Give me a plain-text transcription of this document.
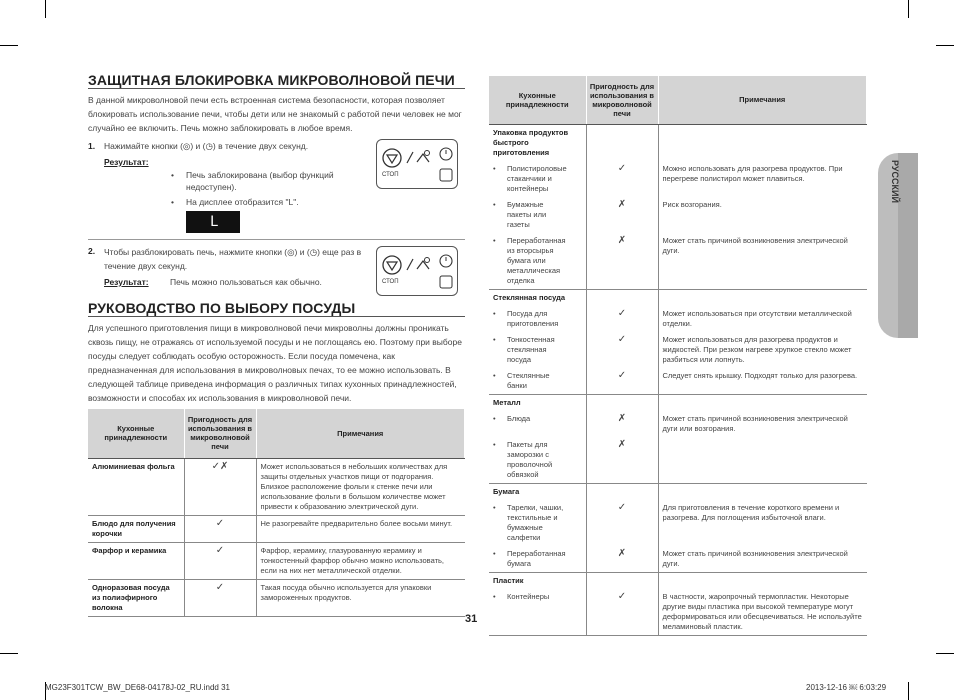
РУССКИЙ
ЗАЩИТНАЯ БЛОКИРОВКА МИКРОВОЛНОВОЙ ПЕЧИ
В данной микроволновой печи есть встроенная система безопасности, которая позволяет блокировать использование печи, чтобы дети или не знакомый с работой печи человек не мог случайно ее включить. Печь можно заблокировать в любое время.
1. Нажимайте кнопки (◎) и (◷) в течение двух секунд.
Результат:
• Печь заблокирована (выбор функций недоступен).
• На дисплее отобразится "L".
L
СТОП
2. Чтобы разблокировать печь, нажмите кнопки (◎) и (◷) еще раз в течение двух секунд.
Результат:	Печь можно пользоваться как обычно.	СТОП
РУКОВОДСТВО ПО ВЫБОРУ ПОСУДЫ
Для успешного приготовления пищи в микроволновой печи микроволны должны проникать сквозь пищу, не отражаясь от используемой посуды и не поглощаясь ею. Поэтому при выборе посуды следует соблюдать особую осторожность. Если посуда помечена, как предназначенная для использования в микроволновых печах, то ее можно использовать. В следующей таблице приведена информация о различных типах кухонных принадлежностей, возможности и способах их использования в микроволновой печи.
Кухонные принадлежности	Пригодность для использования в микроволновой печи	Примечания
Алюминиевая фольга	✓✗	Может использоваться в небольших количествах для защиты отдельных участков пищи от подгорания. Близкое расположение фольги к стенке печи или использование фольги в большом количестве может привести к образованию электрической дуги.
Блюдо для получения корочки	✓	Не разогревайте предварительно более восьми минут.
Фарфор и керамика	✓	Фарфор, керамику, глазурованную керамику и тонкостенный фарфор обычно можно использовать, если на них нет металлической отделки.
Одноразовая посуда из полиэфирного волокна	✓	Такая посуда обычно используется для упаковки замороженных продуктов.
Кухонные принадлежности	Пригодность для использования в микроволновой печи	Примечания
Упаковка продуктов быстрого приготовления		
• Полистироловые стаканчики и контейнеры	✓	Можно использовать для разогрева продуктов. При перегреве полистирол может плавиться.
• Бумажные пакеты или газеты	✗	Риск возгорания.
• Переработанная из вторсырья бумага или металлическая отделка	✗	Может стать причиной возникновения электрической дуги.
Стеклянная посуда		
• Посуда для приготовления	✓	Может использоваться при отсутствии металлической отделки.
• Тонкостенная стеклянная посуда	✓	Может использоваться для разогрева продуктов и жидкостей. При резком нагреве хрупкое стекло может разбиться или лопнуть.
• Стеклянные банки	✓	Следует снять крышку. Подходят только для разогрева.
Металл		
• Блюда	✗	Может стать причиной возникновения электрической дуги или возгорания.
• Пакеты для заморозки с проволочной обвязкой	✗	
Бумага		
• Тарелки, чашки, текстильные и бумажные салфетки	✓	Для приготовления в течение короткого времени и разогрева. Для поглощения избыточной влаги.
• Переработанная бумага	✗	Может стать причиной возникновения электрической дуги.
Пластик		
• Контейнеры	✓	В частности, жаропрочный термопластик. Некоторые другие виды пластика при высокой температуре могут деформироваться или обесцвечиваться. Не используйте меламиновый пластик.
31
MG23F301TCW_BW_DE68-04178J-02_RU.indd 31	2013-12-16 ￼ 6:03:29
